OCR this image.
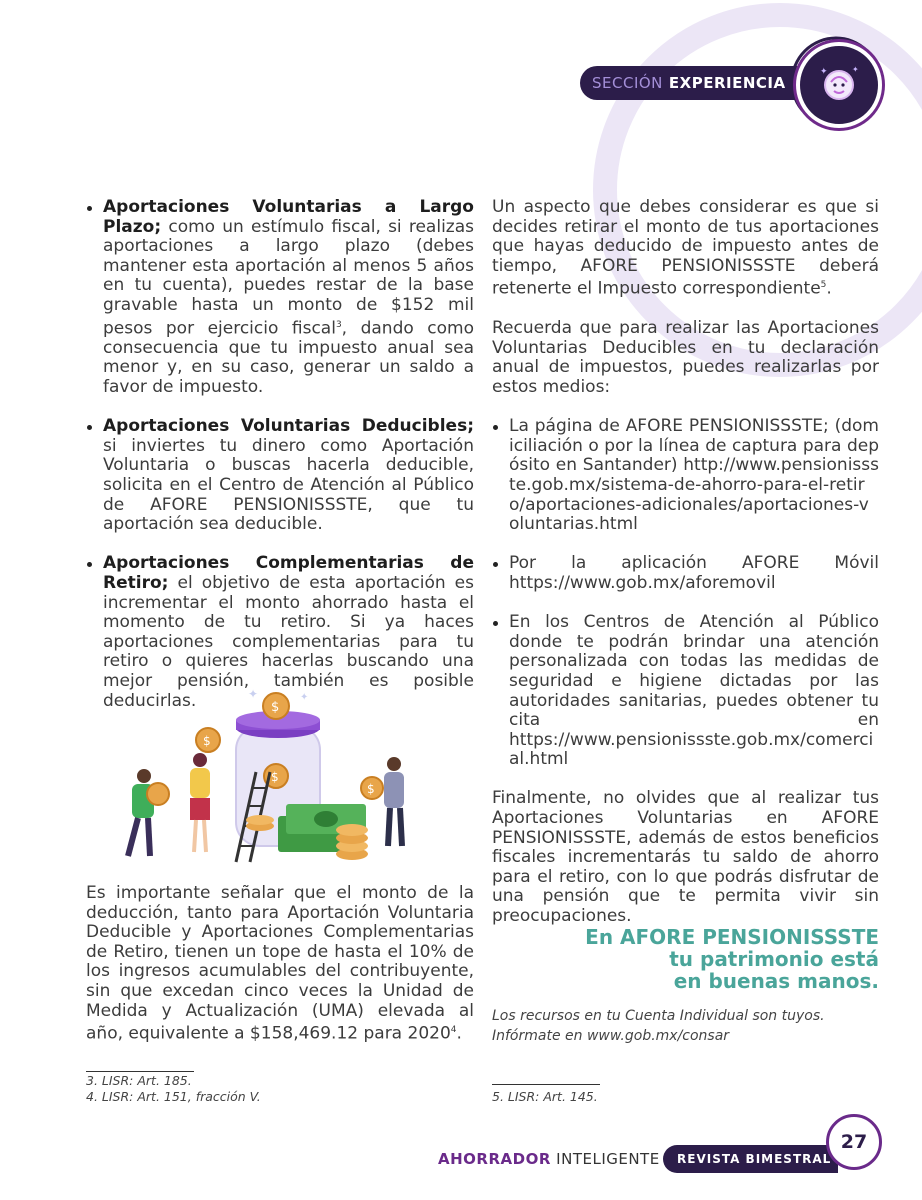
SECCIÓN EXPERIENCIA
✦	✦
Aportaciones Voluntarias a Largo Plazo; como un estímulo fiscal, si realizas aportaciones a largo plazo (debes mantener esta aportación al menos 5 años en tu cuenta), puedes restar de la base gravable hasta un monto de $152 mil pesos por ejercicio fiscal$^3$, dando como consecuencia que tu impuesto anual sea menor y, en su caso, generar un saldo a favor de impuesto.
Aportaciones Voluntarias Deducibles; si inviertes tu dinero como Aportación Voluntaria o buscas hacerla deducible, solicita en el Centro de Atención al Público de AFORE PENSIONISSSTE, que tu aportación sea deducible.
Aportaciones Complementarias de Retiro; el objetivo de esta aportación es incrementar el monto ahorrado hasta el momento de tu retiro. Si ya haces aportaciones complementarias para tu retiro o quieres hacerlas buscando una mejor pensión, también es posible deducirlas.	✦	✦
$
$
$
$
Es importante señalar que el monto de la deducción, tanto para Aportación Voluntaria Deducible y Aportaciones Complementarias de Retiro, tienen un tope de hasta el 10% de los ingresos acumulables del contribuyente, sin que excedan cinco veces la Unidad de Medida y Actualización (UMA) elevada al año, equivalente a $158,469.12 para 2020$^4$.
3. LISR: Art. 185.
4. LISR: Art. 151, fracción V.

Un aspecto que debes considerar es que si decides retirar el monto de tus aportaciones que hayas deducido de impuesto antes de tiempo, AFORE PENSIONISSSTE deberá retenerte el Impuesto correspondiente$^5$.

Recuerda que para realizar las Aportaciones Voluntarias Deducibles en tu declaración anual de impuestos, puedes realizarlas por estos medios:

La página de AFORE PENSIONISSSTE; (domiciliación o por la línea de captura para depósito en Santander) http://www.pensionissste.gob.mx/sistema-de-ahorro-para-el-retiro/aportaciones-adicionales/aportaciones-voluntarias.html
Por la aplicación AFORE Móvil https://www.gob.mx/aforemovil
En los Centros de Atención al Público donde te podrán brindar una atención personalizada con todas las medidas de seguridad e higiene dictadas por las autoridades sanitarias, puedes obtener tu cita en https://www.pensionissste.gob.mx/comercial.html

Finalmente, no olvides que al realizar tus Aportaciones Voluntarias en AFORE PENSIONISSSTE, además de estos beneficios fiscales incrementarás tu saldo de ahorro para el retiro, con lo que podrás disfrutar de una pensión que te permita vivir sin preocupaciones.

En AFORE PENSIONISSSTE
tu patrimonio está
en buenas manos.
Los recursos en tu Cuenta Individual son tuyos.
Infórmate en www.gob.mx/consar
5. LISR: Art. 145.
AHORRADOR INTELIGENTE	REVISTA BIMESTRAL
27
